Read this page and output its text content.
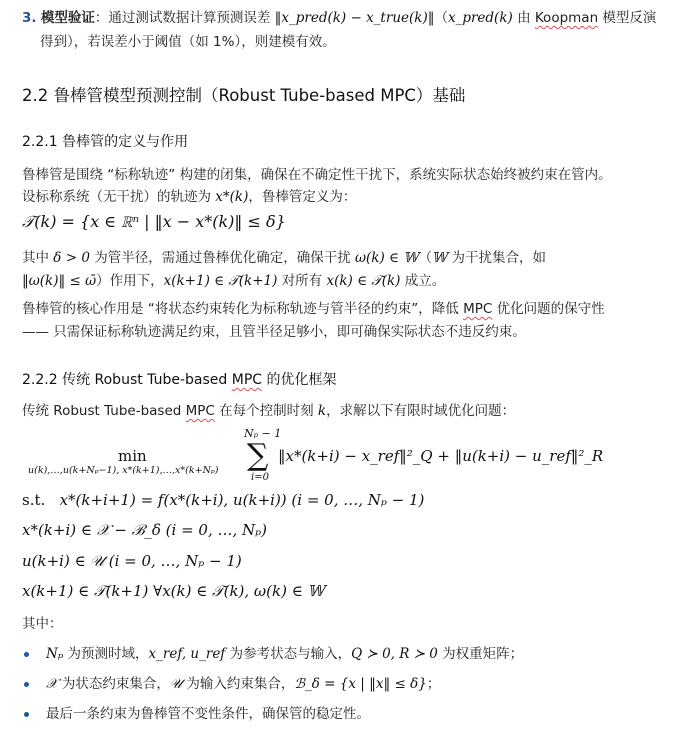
3. 模型验证：通过测试数据计算预测误差 ‖x_pred(k) − x_true(k)‖（x_pred(k) 由 Koopman 模型反演
得到），若误差小于阈值（如 1%），则建模有效。
2.2 鲁棒管模型预测控制（Robust Tube-based MPC）基础
2.2.1 鲁棒管的定义与作用
鲁棒管是围绕 “标称轨迹” 构建的闭集，确保在不确定性干扰下，系统实际状态始终被约束在管内。
设标称系统（无干扰）的轨迹为 x*(k)，鲁棒管定义为：
𝒯(k) = {x ∈ ℝⁿ | ‖x − x*(k)‖ ≤ δ}
其中 δ > 0 为管半径，需通过鲁棒优化确定，确保干扰 ω(k) ∈ 𝕎（𝕎 为干扰集合，如
‖ω(k)‖ ≤ ω̄）作用下，x(k+1) ∈ 𝒯(k+1) 对所有 x(k) ∈ 𝒯(k) 成立。
鲁棒管的核心作用是 “将状态约束转化为标称轨迹与管半径的约束”，降低 MPC 优化问题的保守性
—— 只需保证标称轨迹满足约束，且管半径足够小，即可确保实际状态不违反约束。
2.2.2 传统 Robust Tube-based MPC 的优化框架
传统 Robust Tube-based MPC 在每个控制时刻 k，求解以下有限时域优化问题：
Nₚ − 1
min
u(k),…,u(k+Nₚ−1), x*(k+1),…,x*(k+Nₚ) ∑
i=0
‖x*(k+i) − x_ref‖²_Q + ‖u(k+i) − u_ref‖²_R
s.t. x*(k+i+1) = f(x*(k+i), u(k+i)) (i = 0, …, Nₚ − 1)
x*(k+i) ∈ 𝒳 − ℬ_δ (i = 0, …, Nₚ)
u(k+i) ∈ 𝒰 (i = 0, …, Nₚ − 1)
x(k+1) ∈ 𝒯(k+1) ∀x(k) ∈ 𝒯(k), ω(k) ∈ 𝕎
其中：
Nₚ 为预测时域，x_ref, u_ref 为参考状态与输入，Q ≻ 0, R ≻ 0 为权重矩阵；
𝒳 为状态约束集合，𝒰 为输入约束集合，ℬ_δ = {x | ‖x‖ ≤ δ}；
最后一条约束为鲁棒管不变性条件，确保管的稳定性。
